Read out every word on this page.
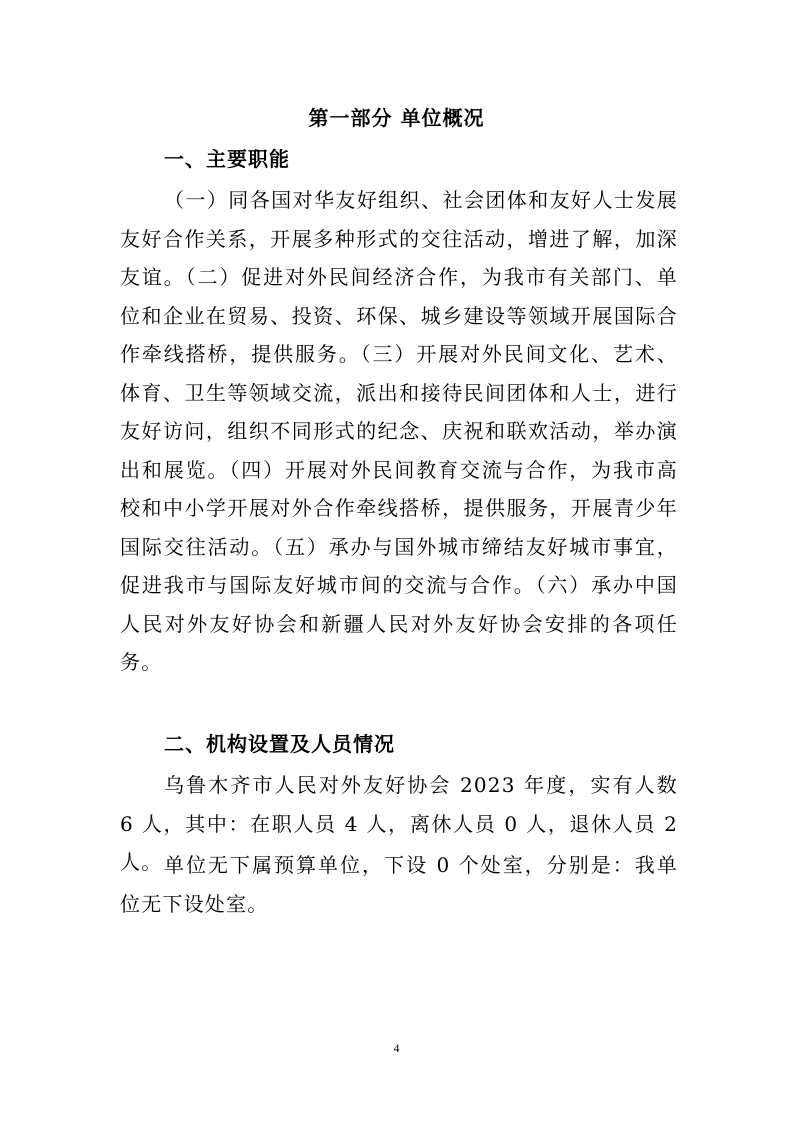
第一部分 单位概况
一、主要职能
（一）同各国对华友好组织、社会团体和友好人士发展友好合作关系，开展多种形式的交往活动，增进了解，加深友谊。（二）促进对外民间经济合作，为我市有关部门、单位和企业在贸易、投资、环保、城乡建设等领域开展国际合作牵线搭桥，提供服务。（三）开展对外民间文化、艺术、体育、卫生等领域交流，派出和接待民间团体和人士，进行友好访问，组织不同形式的纪念、庆祝和联欢活动，举办演出和展览。（四）开展对外民间教育交流与合作，为我市高校和中小学开展对外合作牵线搭桥，提供服务，开展青少年国际交往活动。（五）承办与国外城市缔结友好城市事宜，促进我市与国际友好城市间的交流与合作。（六）承办中国人民对外友好协会和新疆人民对外友好协会安排的各项任务。
二、机构设置及人员情况
乌鲁木齐市人民对外友好协会 2023 年度，实有人数 6 人，其中：在职人员 4 人，离休人员 0 人，退休人员 2 人。 单位无下属预算单位，下设 0 个处室，分别是：我单位无下设处室。
4
